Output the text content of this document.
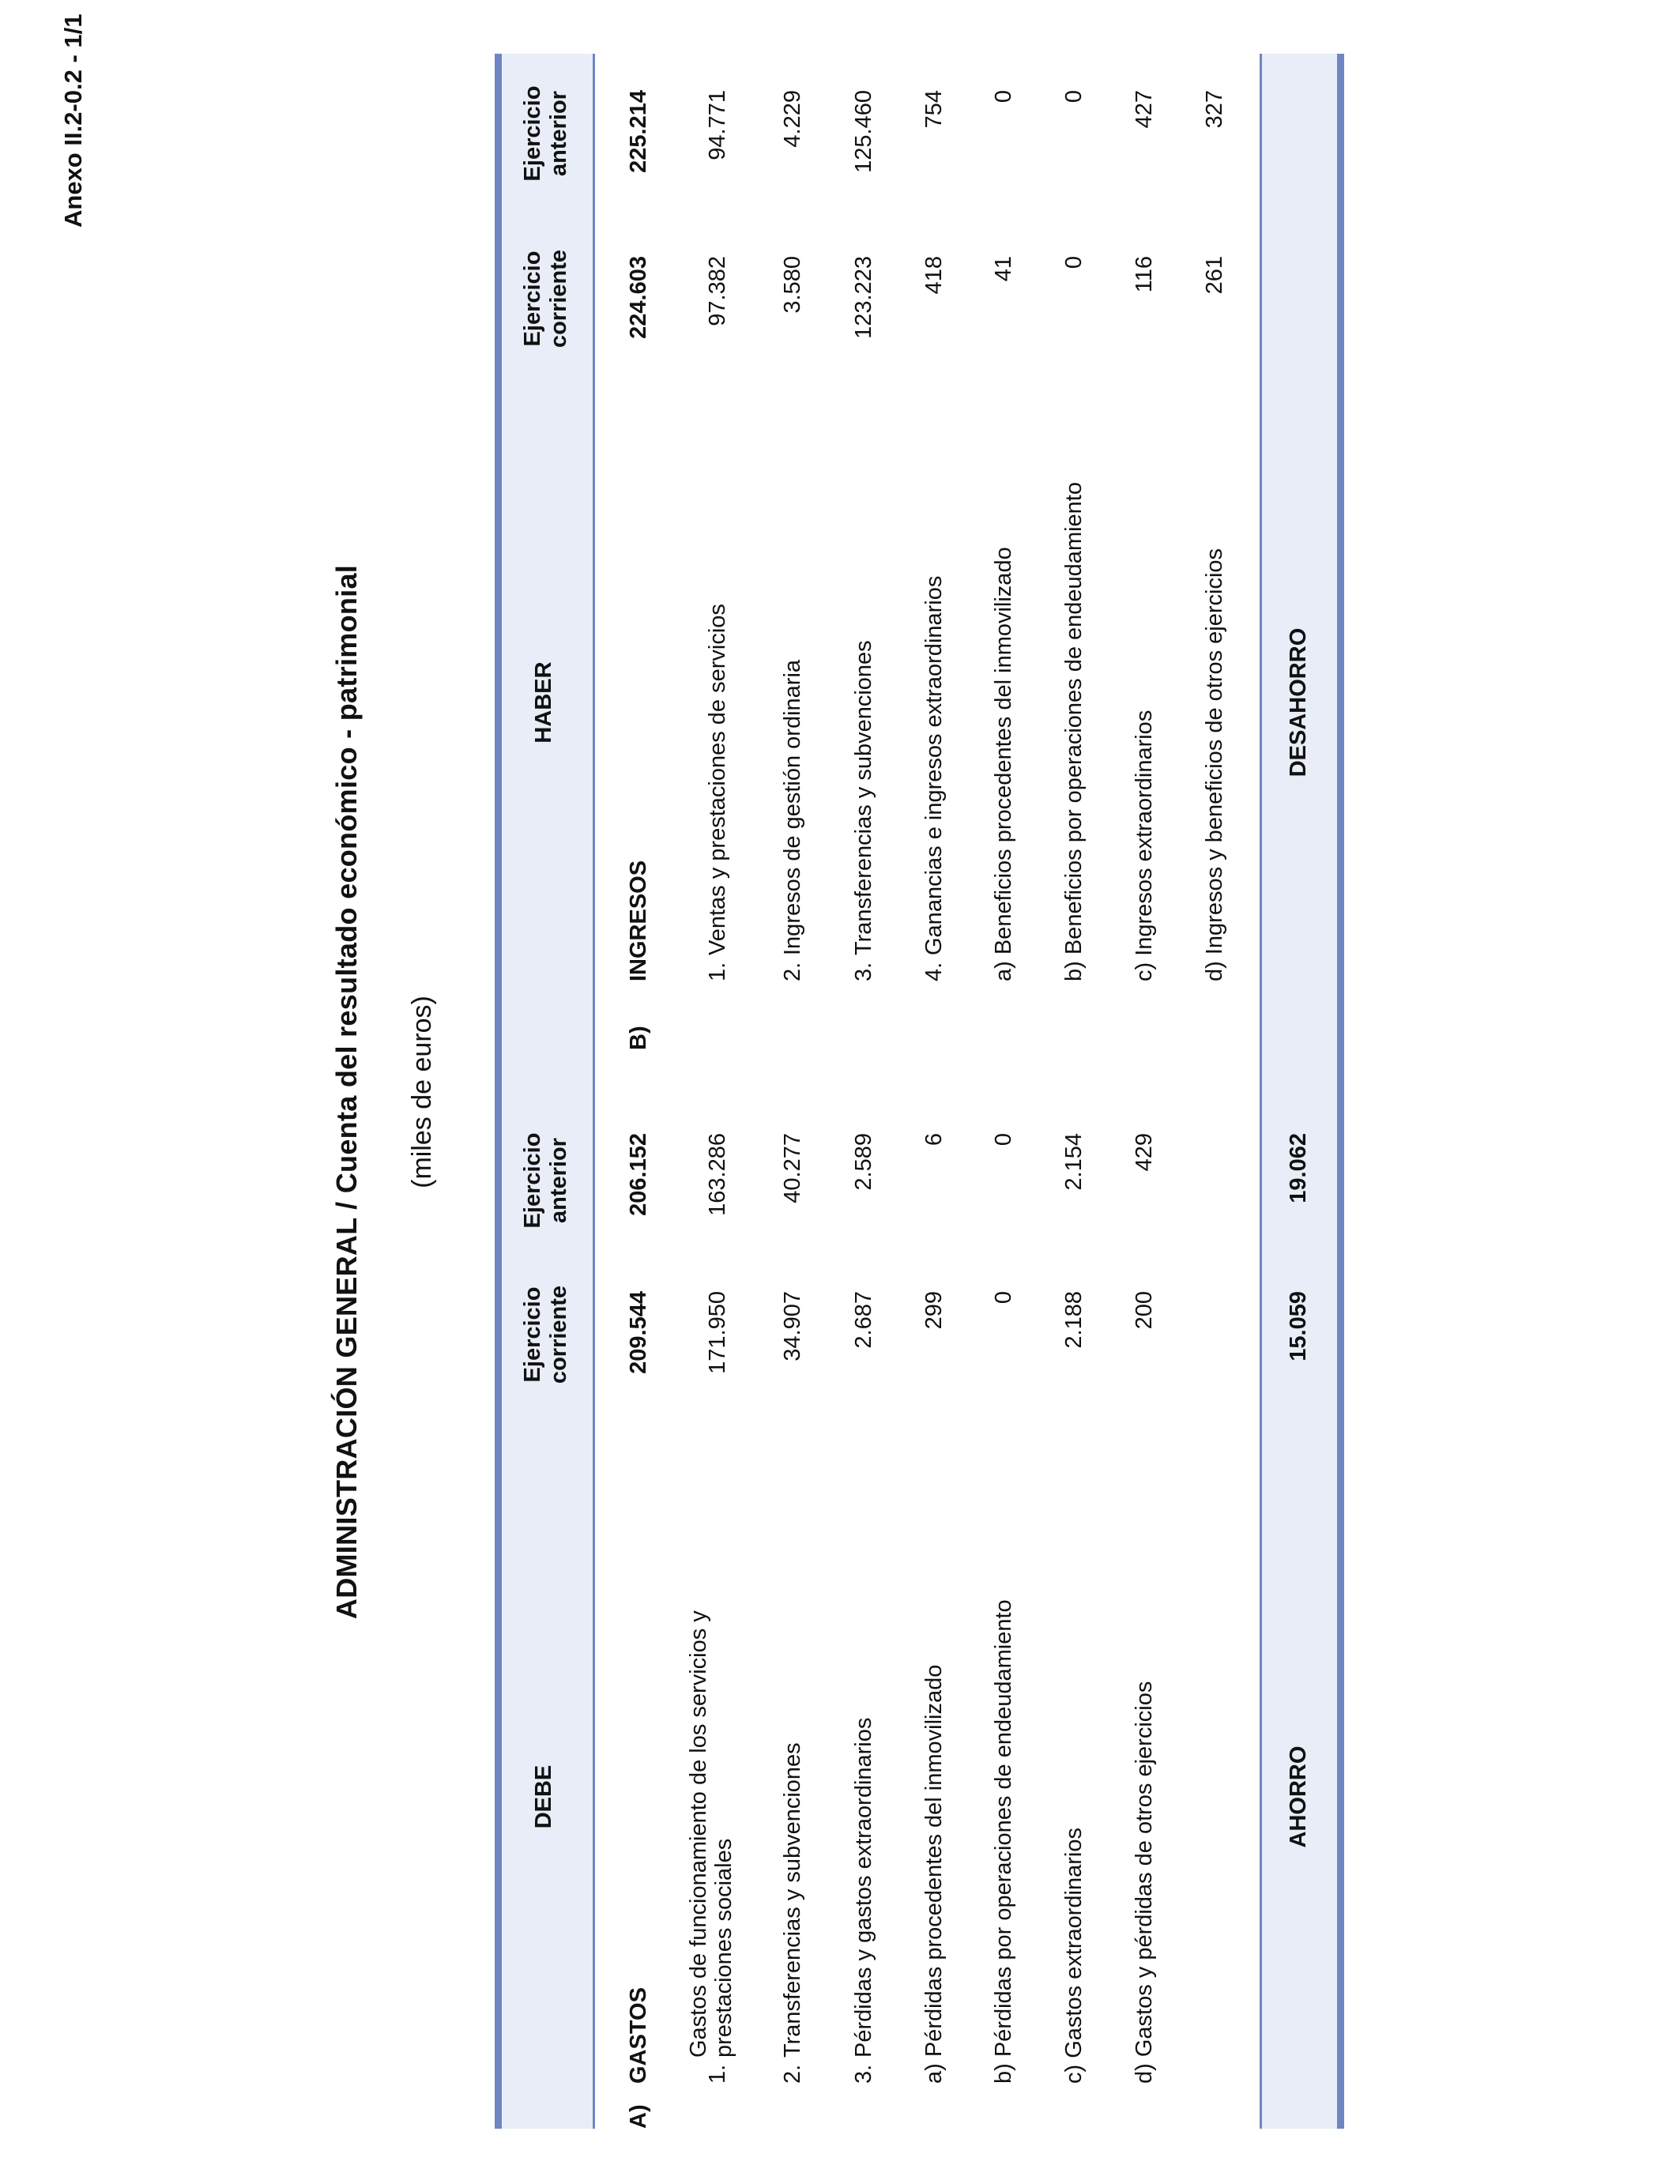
Anexo II.2-0.2 - 1/1
ADMINISTRACIÓN GENERAL / Cuenta del resultado económico - patrimonial (miles de euros)
DEBE
Ejercicio corriente
Ejercicio anterior
HABER
Ejercicio corriente
Ejercicio anterior
A)
GASTOS
209.544
206.152
1.
Gastos de funcionamiento de los servicios y prestaciones sociales
171.950
163.286
2.
Transferencias y subvenciones
34.907
40.277
3.
Pérdidas y gastos extraordinarios
2.687
2.589
a) Pérdidas procedentes del inmovilizado
299
6
b) Pérdidas por operaciones de endeudamiento
0
0
c) Gastos extraordinarios
2.188
2.154
d) Gastos y pérdidas de otros ejercicios
200
429
B)
INGRESOS
224.603
225.214
1.
Ventas y prestaciones de servicios
97.382
94.771
2.
Ingresos de gestión ordinaria
3.580
4.229
3.
Transferencias y subvenciones
123.223
125.460
4.
Ganancias e ingresos extraordinarios
418
754
a) Beneficios procedentes del inmovilizado
41
0
b) Beneficios por operaciones de endeudamiento
0
0
c) Ingresos extraordinarios
116
427
d) Ingresos y beneficios de otros ejercicios
261
327
AHORRO
15.059
19.062
DESAHORRO
